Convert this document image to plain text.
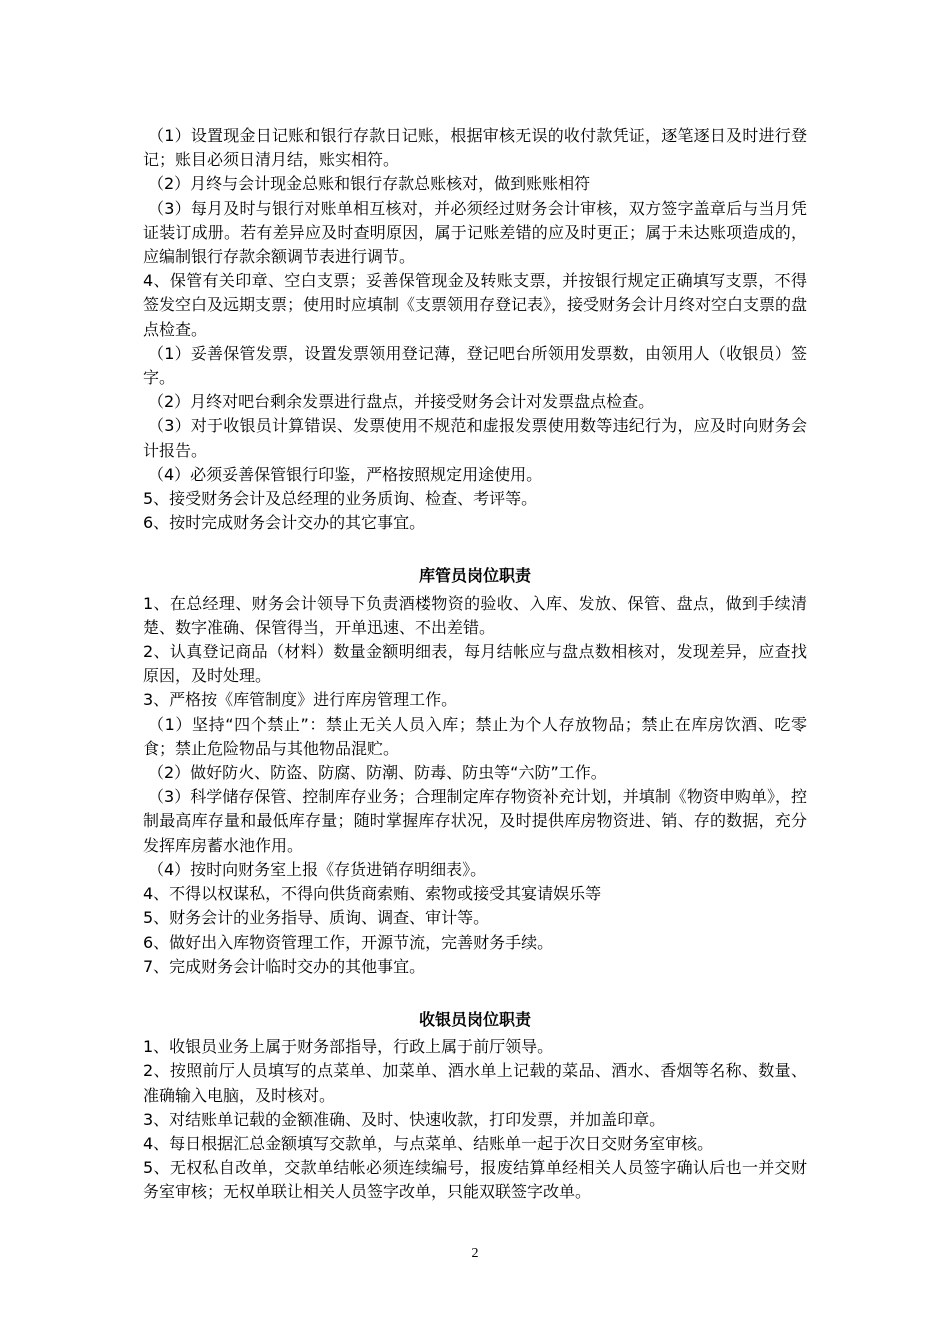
（1）设置现金日记账和银行存款日记账，根据审核无误的收付款凭证，逐笔逐日及时进行登记；账目必须日清月结，账实相符。

（2）月终与会计现金总账和银行存款总账核对，做到账账相符

（3）每月及时与银行对账单相互核对，并必须经过财务会计审核，双方签字盖章后与当月凭证装订成册。若有差异应及时查明原因，属于记账差错的应及时更正；属于未达账项造成的，应编制银行存款余额调节表进行调节。

4、保管有关印章、空白支票；妥善保管现金及转账支票，并按银行规定正确填写支票，不得签发空白及远期支票；使用时应填制《支票领用存登记表》，接受财务会计月终对空白支票的盘点检查。

（1）妥善保管发票，设置发票领用登记薄，登记吧台所领用发票数，由领用人（收银员）签字。

（2）月终对吧台剩余发票进行盘点，并接受财务会计对发票盘点检查。

（3）对于收银员计算错误、发票使用不规范和虚报发票使用数等违纪行为，应及时向财务会计报告。

（4）必须妥善保管银行印鉴，严格按照规定用途使用。

5、接受财务会计及总经理的业务质询、检查、考评等。

6、按时完成财务会计交办的其它事宜。

库管员岗位职责

1、在总经理、财务会计领导下负责酒楼物资的验收、入库、发放、保管、盘点，做到手续清楚、数字准确、保管得当，开单迅速、不出差错。

2、认真登记商品（材料）数量金额明细表，每月结帐应与盘点数相核对，发现差异，应查找原因，及时处理。

3、严格按《库管制度》进行库房管理工作。

（1）坚持“四个禁止”：禁止无关人员入库；禁止为个人存放物品；禁止在库房饮酒、吃零食；禁止危险物品与其他物品混贮。

（2）做好防火、防盗、防腐、防潮、防毒、防虫等“六防”工作。

（3）科学储存保管、控制库存业务；合理制定库存物资补充计划，并填制《物资申购单》，控制最高库存量和最低库存量；随时掌握库存状况，及时提供库房物资进、销、存的数据，充分发挥库房蓄水池作用。

（4）按时向财务室上报《存货进销存明细表》。

4、不得以权谋私，不得向供货商索贿、索物或接受其宴请娱乐等

5、财务会计的业务指导、质询、调查、审计等。

6、做好出入库物资管理工作，开源节流，完善财务手续。

7、完成财务会计临时交办的其他事宜。

收银员岗位职责

1、收银员业务上属于财务部指导，行政上属于前厅领导。

2、按照前厅人员填写的点菜单、加菜单、酒水单上记载的菜品、酒水、香烟等名称、数量、准确输入电脑，及时核对。

3、对结账单记载的金额准确、及时、快速收款，打印发票，并加盖印章。

4、每日根据汇总金额填写交款单，与点菜单、结账单一起于次日交财务室审核。

5、无权私自改单，交款单结帐必须连续编号，报废结算单经相关人员签字确认后也一并交财务室审核；无权单联让相关人员签字改单，只能双联签字改单。

2
